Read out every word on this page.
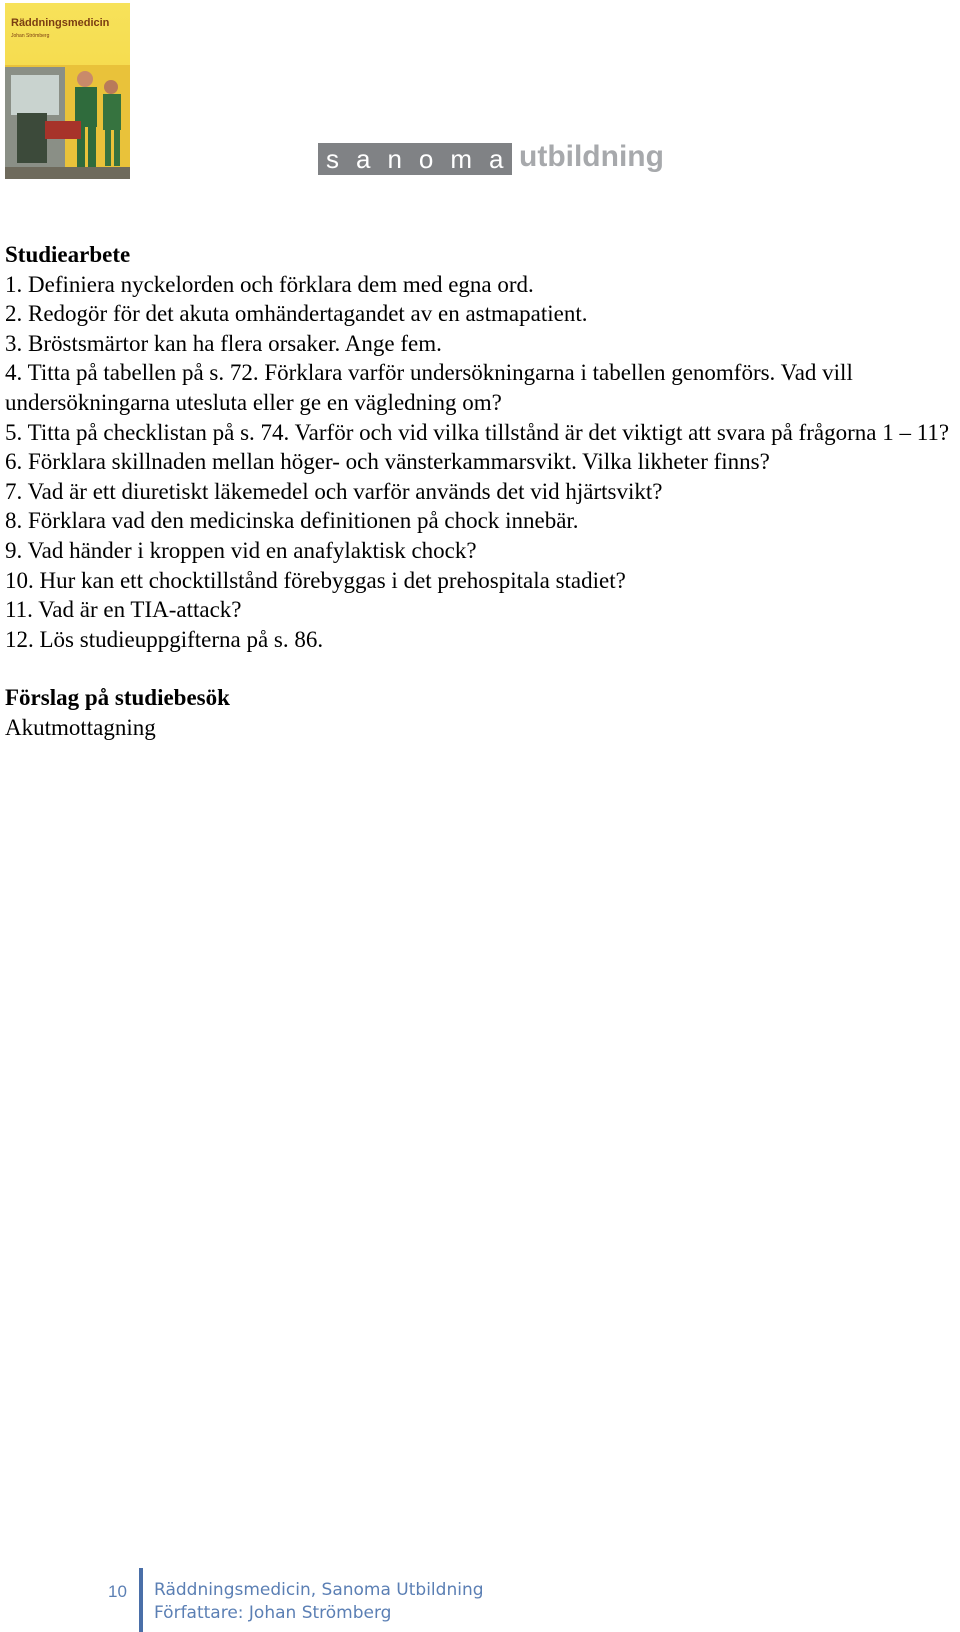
Räddningsmedicin
Johan Strömberg
sanoma
utbildning

Studiearbete

1. Definiera nyckelorden och förklara dem med egna ord.

2. Redogör för det akuta omhändertagandet av en astmapatient.

3. Bröstsmärtor kan ha flera orsaker. Ange fem.

4. Titta på tabellen på s. 72. Förklara varför undersökningarna i tabellen genomförs. Vad vill undersökningarna utesluta eller ge en vägledning om?

5. Titta på checklistan på s. 74. Varför och vid vilka tillstånd är det viktigt att svara på frågorna 1 – 11?

6. Förklara skillnaden mellan höger- och vänsterkammarsvikt. Vilka likheter finns?

7. Vad är ett diuretiskt läkemedel och varför används det vid hjärtsvikt?

8. Förklara vad den medicinska definitionen på chock innebär.

9. Vad händer i kroppen vid en anafylaktisk chock?

10. Hur kan ett chocktillstånd förebyggas i det prehospitala stadiet?

11. Vad är en TIA-attack?

12. Lös studieuppgifterna på s. 86.

Förslag på studiebesök

Akutmottagning

10 Räddningsmedicin, Sanoma Utbildning
Författare: Johan Strömberg
